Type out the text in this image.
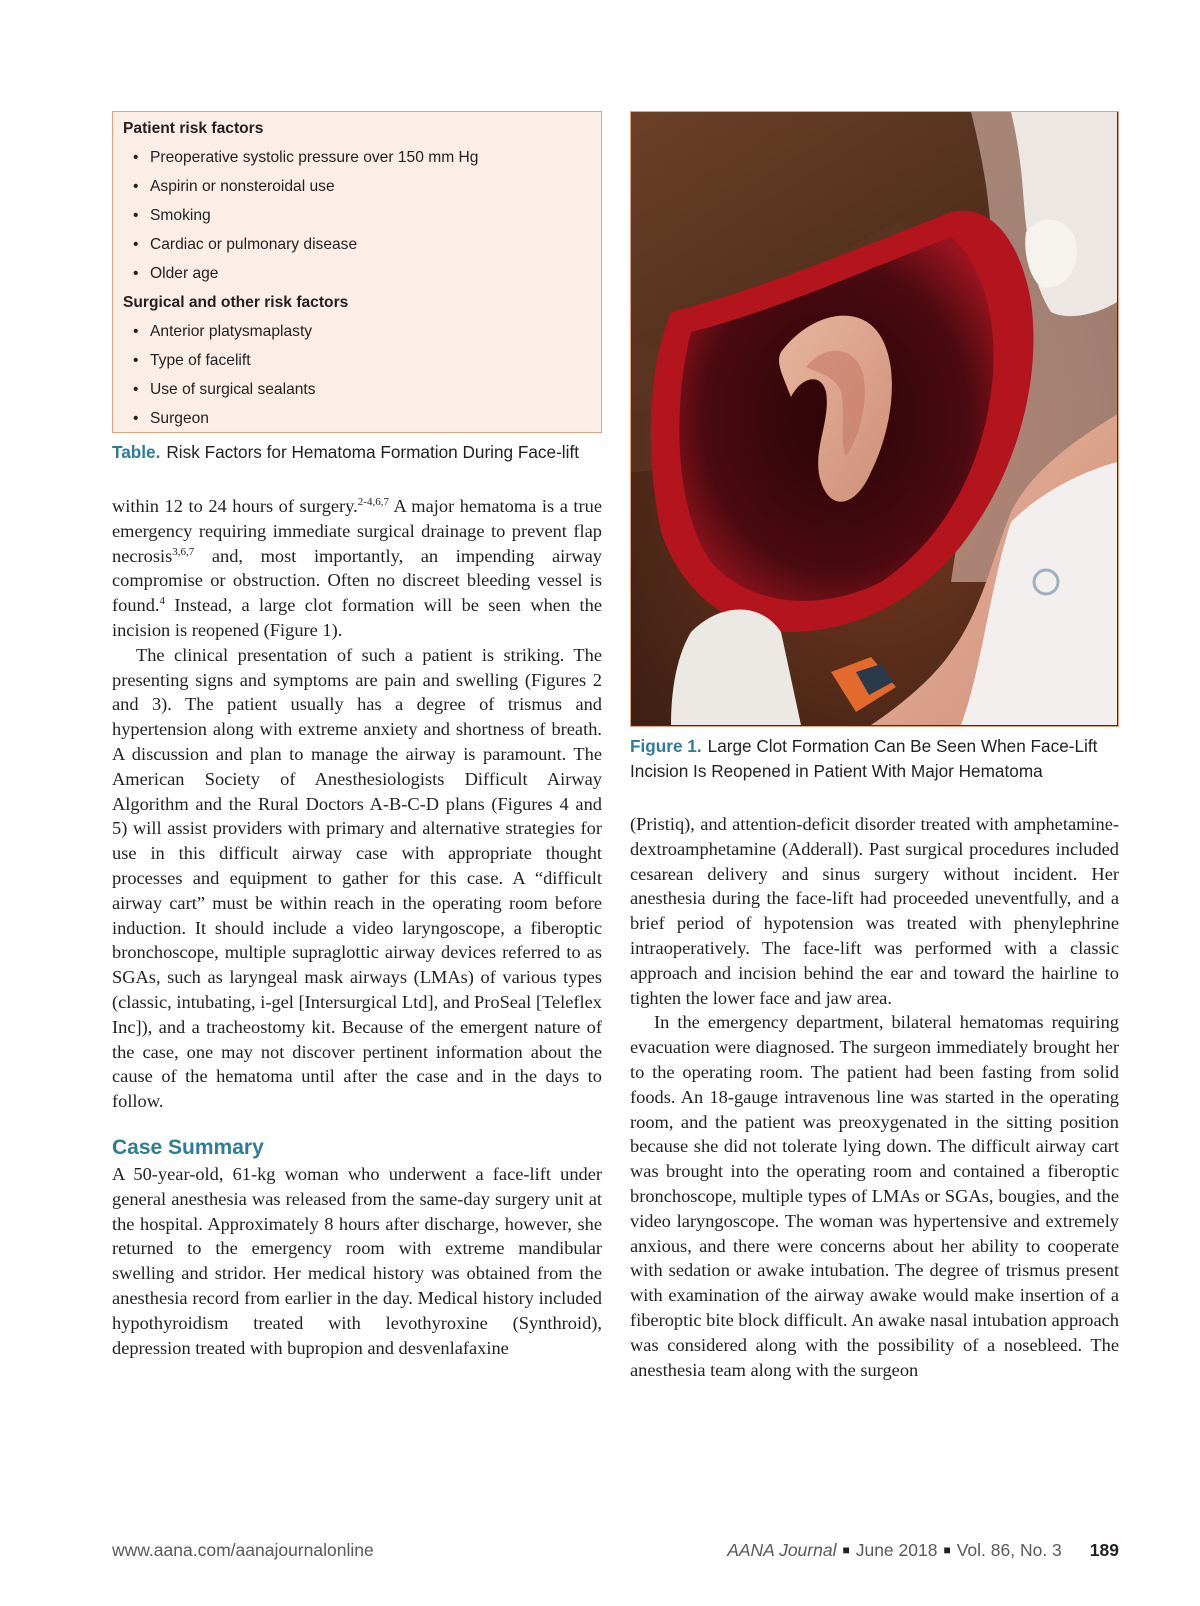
Patient risk factors
• Preoperative systolic pressure over 150 mm Hg
• Aspirin or nonsteroidal use
• Smoking
• Cardiac or pulmonary disease
• Older age
Surgical and other risk factors
• Anterior platysmaplasty
• Type of facelift
• Use of surgical sealants
• Surgeon
Table. Risk Factors for Hematoma Formation During Face-lift

within 12 to 24 hours of surgery.$^{2-4,6,7}$ A major hematoma is a true emergency requiring immediate surgical drainage to prevent flap necrosis$^{3,6,7}$ and, most importantly, an impending airway compromise or obstruction. Often no discreet bleeding vessel is found.$^4$ Instead, a large clot formation will be seen when the incision is reopened (Figure 1).

The clinical presentation of such a patient is striking. The presenting signs and symptoms are pain and swelling (Figures 2 and 3). The patient usually has a degree of trismus and hypertension along with extreme anxiety and shortness of breath. A discussion and plan to manage the airway is paramount. The American Society of Anesthesiologists Difficult Airway Algorithm and the Rural Doctors A-B-C-D plans (Figures 4 and 5) will assist providers with primary and alternative strategies for use in this difficult airway case with appropriate thought processes and equipment to gather for this case. A “difficult airway cart” must be within reach in the operating room before induction. It should include a video laryngoscope, a fiberoptic bronchoscope, multiple supraglottic airway devices referred to as SGAs, such as laryngeal mask airways (LMAs) of various types (classic, intubating, i-gel [Intersurgical Ltd], and ProSeal [Teleflex Inc]), and a tracheostomy kit. Because of the emergent nature of the case, one may not discover pertinent information about the cause of the hematoma until after the case and in the days to follow.

Case Summary

A 50-year-old, 61-kg woman who underwent a face-lift under general anesthesia was released from the same-day surgery unit at the hospital. Approximately 8 hours after discharge, however, she returned to the emergency room with extreme mandibular swelling and stridor. Her medical history was obtained from the anesthesia record from earlier in the day. Medical history included hypothyroidism treated with levothyroxine (Synthroid), depression treated with bupropion and desvenlafaxine

Figure 1. Large Clot Formation Can Be Seen When Face-Lift Incision Is Reopened in Patient With Major Hematoma

(Pristiq), and attention-deficit disorder treated with amphetamine-dextroamphetamine (Adderall). Past surgical procedures included cesarean delivery and sinus surgery without incident. Her anesthesia during the face-lift had proceeded uneventfully, and a brief period of hypotension was treated with phenylephrine intraoperatively. The face-lift was performed with a classic approach and incision behind the ear and toward the hairline to tighten the lower face and jaw area.

In the emergency department, bilateral hematomas requiring evacuation were diagnosed. The surgeon immediately brought her to the operating room. The patient had been fasting from solid foods. An 18-gauge intravenous line was started in the operating room, and the patient was preoxygenated in the sitting position because she did not tolerate lying down. The difficult airway cart was brought into the operating room and contained a fiberoptic bronchoscope, multiple types of LMAs or SGAs, bougies, and the video laryngoscope. The woman was hypertensive and extremely anxious, and there were concerns about her ability to cooperate with sedation or awake intubation. The degree of trismus present with examination of the airway awake would make insertion of a fiberoptic bite block difficult. An awake nasal intubation approach was considered along with the possibility of a nosebleed. The anesthesia team along with the surgeon

www.aana.com/aanajournalonline	AANA Journal ■ June 2018 ■ Vol. 86, No. 3 189
